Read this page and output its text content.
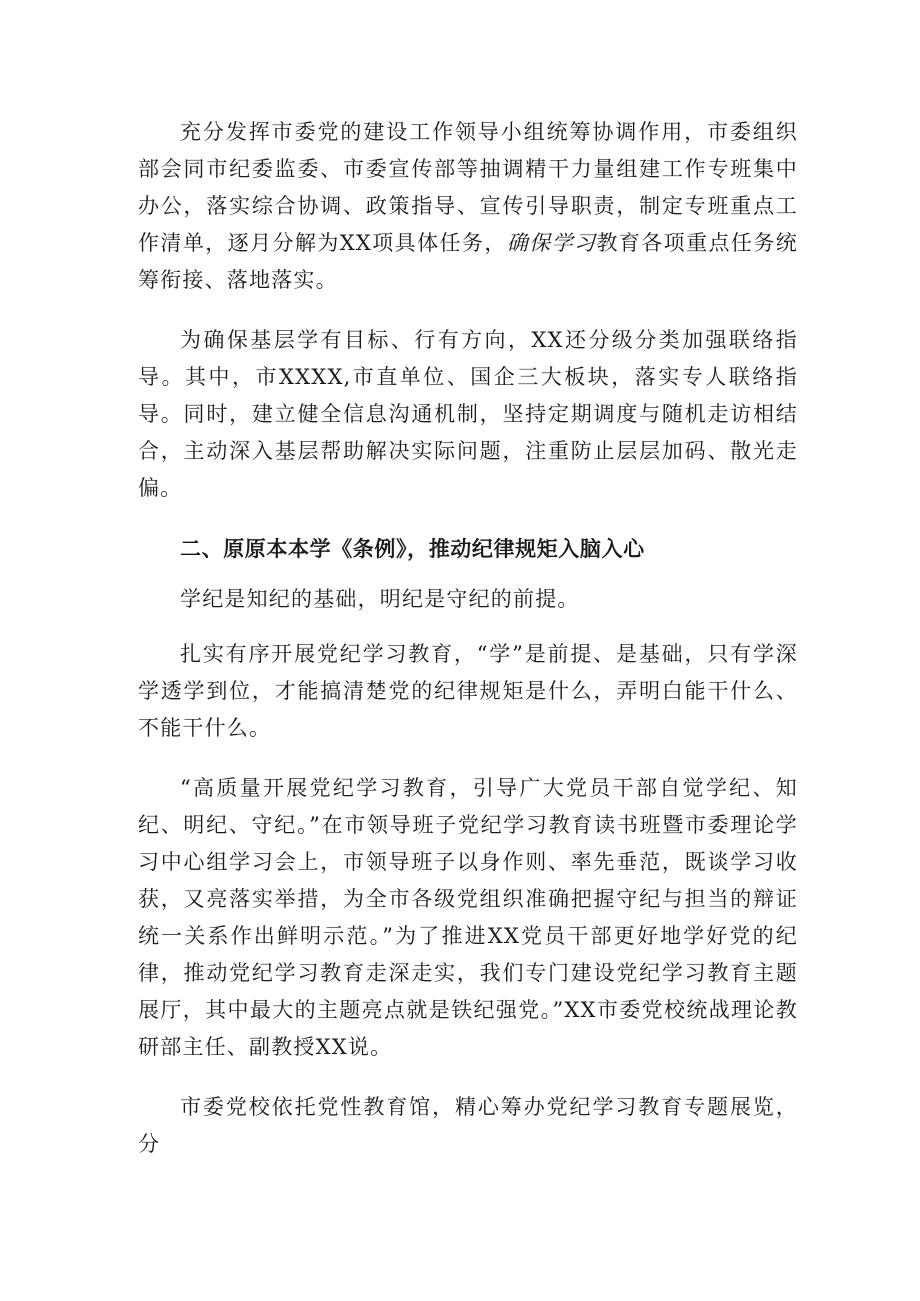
充分发挥市委党的建设工作领导小组统筹协调作用，市委组织部会同市纪委监委、市委宣传部等抽调精干力量组建工作专班集中办公，落实综合协调、政策指导、宣传引导职责，制定专班重点工作清单，逐月分解为XX项具体任务，确保学习教育各项重点任务统筹衔接、落地落实。

为确保基层学有目标、行有方向，XX还分级分类加强联络指导。其中，市XXXX,市直单位、国企三大板块，落实专人联络指导。同时，建立健全信息沟通机制，坚持定期调度与随机走访相结合，主动深入基层帮助解决实际问题，注重防止层层加码、散光走偏。

二、原原本本学《条例》，推动纪律规矩入脑入心

学纪是知纪的基础，明纪是守纪的前提。

扎实有序开展党纪学习教育，“学”是前提、是基础，只有学深学透学到位，才能搞清楚党的纪律规矩是什么，弄明白能干什么、不能干什么。

“高质量开展党纪学习教育，引导广大党员干部自觉学纪、知纪、明纪、守纪。”在市领导班子党纪学习教育读书班暨市委理论学习中心组学习会上，市领导班子以身作则、率先垂范，既谈学习收获，又亮落实举措，为全市各级党组织准确把握守纪与担当的辩证统一关系作出鲜明示范。”为了推进XX党员干部更好地学好党的纪律，推动党纪学习教育走深走实，我们专门建设党纪学习教育主题展厅，其中最大的主题亮点就是铁纪强党。”XX市委党校统战理论教研部主任、副教授XX说。

市委党校依托党性教育馆，精心筹办党纪学习教育专题展览，分
